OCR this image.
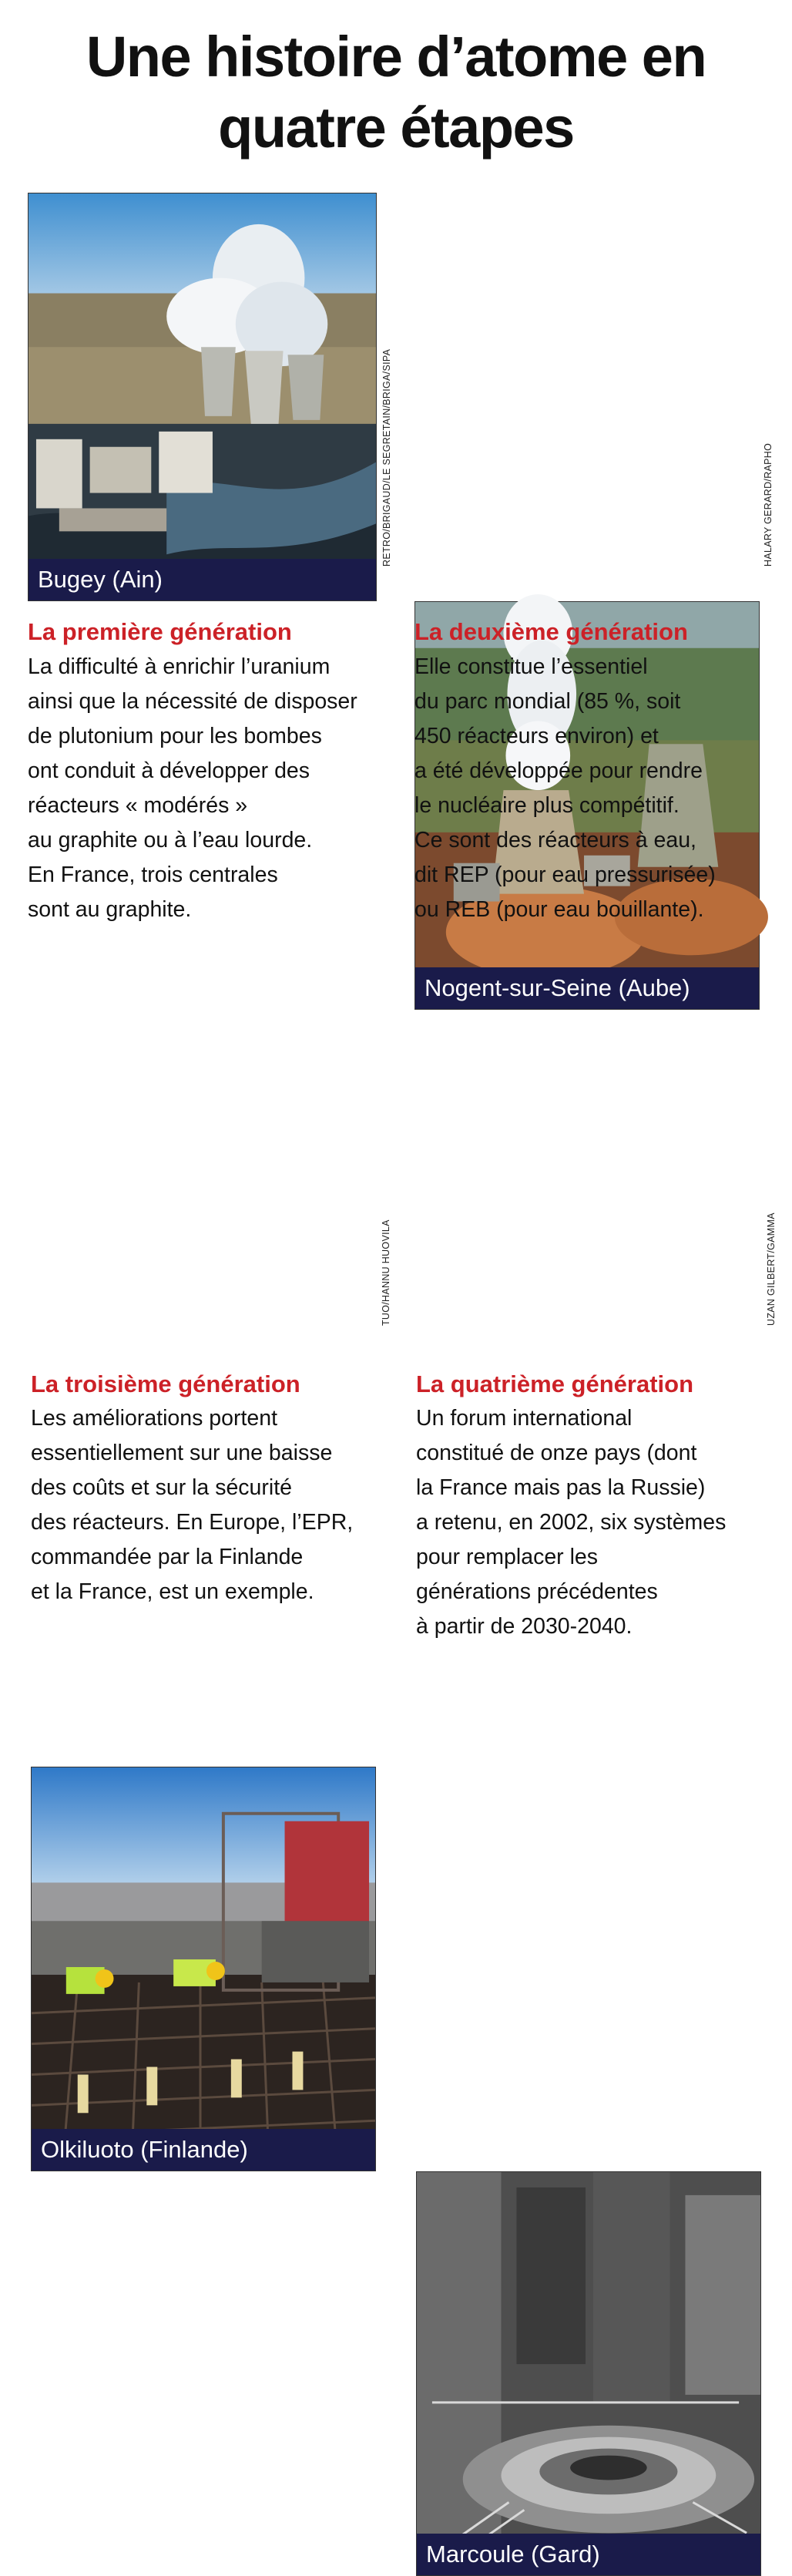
Une histoire d’atome en
quatre étapes
Bugey (Ain)
RETRO/BRIGAUD/LE SEGRETAIN/BRIGA/SIPA
La première génération
La difficulté à enrichir l’uranium
ainsi que la nécessité de disposer
de plutonium pour les bombes
ont conduit à développer des
réacteurs « modérés »
au graphite ou à l’eau lourde.
En France, trois centrales
sont au graphite.
Nogent-sur-Seine (Aube)
HALARY GERARD/RAPHO
La deuxième génération
Elle constitue l’essentiel
du parc mondial (85 %, soit
450 réacteurs environ) et
a été développée pour rendre
le nucléaire plus compétitif.
Ce sont des réacteurs à eau,
dit REP (pour eau pressurisée)
ou REB (pour eau bouillante).
Olkiluoto (Finlande)
TUO/HANNU HUOVILA
La troisième génération
Les améliorations portent
essentiellement sur une baisse
des coûts et sur la sécurité
des réacteurs. En Europe, l’EPR,
commandée par la Finlande
et la France, est un exemple.
Marcoule (Gard)
UZAN GILBERT/GAMMA
La quatrième génération
Un forum international
constitué de onze pays (dont
la France mais pas la Russie)
a retenu, en 2002, six systèmes
pour remplacer les
générations précédentes
à partir de 2030-2040.
